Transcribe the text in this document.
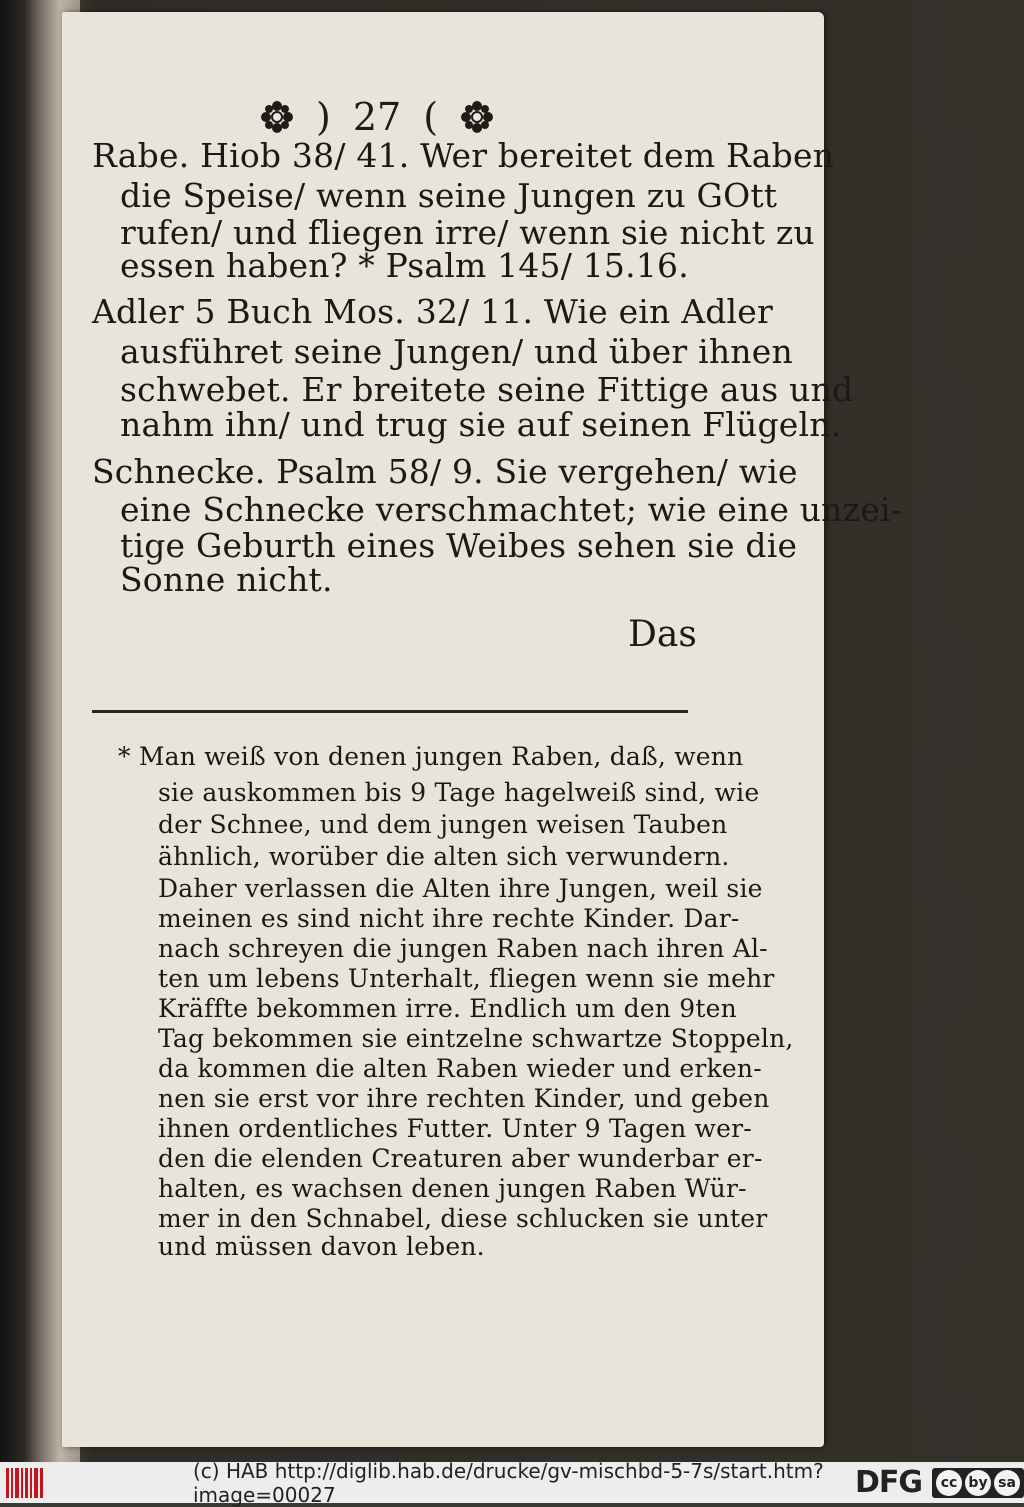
) 27 (
Rabe. Hiob 38/ 41. Wer bereitet dem Raben
die Speise/ wenn seine Jungen zu GOtt
rufen/ und fliegen irre/ wenn sie nicht zu
essen haben? * Psalm 145/ 15.16.
Adler 5 Buch Mos. 32/ 11. Wie ein Adler
ausführet seine Jungen/ und über ihnen
schwebet. Er breitete seine Fittige aus und
nahm ihn/ und trug sie auf seinen Flügeln.
Schnecke. Psalm 58/ 9. Sie vergehen/ wie
eine Schnecke verschmachtet; wie eine unzei-
tige Geburth eines Weibes sehen sie die
Sonne nicht.
Das
* Man weiß von denen jungen Raben, daß, wenn
sie auskommen bis 9 Tage hagelweiß sind, wie
der Schnee, und dem jungen weisen Tauben
ähnlich, worüber die alten sich verwundern.
Daher verlassen die Alten ihre Jungen, weil sie
meinen es sind nicht ihre rechte Kinder. Dar-
nach schreyen die jungen Raben nach ihren Al-
ten um lebens Unterhalt, fliegen wenn sie mehr
Kräffte bekommen irre. Endlich um den 9ten
Tag bekommen sie eintzelne schwartze Stoppeln,
da kommen die alten Raben wieder und erken-
nen sie erst vor ihre rechten Kinder, und geben
ihnen ordentliches Futter. Unter 9 Tagen wer-
den die elenden Creaturen aber wunderbar er-
halten, es wachsen denen jungen Raben Wür-
mer in den Schnabel, diese schlucken sie unter
und müssen davon leben.
(c) HAB http://diglib.hab.de/drucke/gv-mischbd-5-7s/start.htm?image=00027	DFG	cc by sa
